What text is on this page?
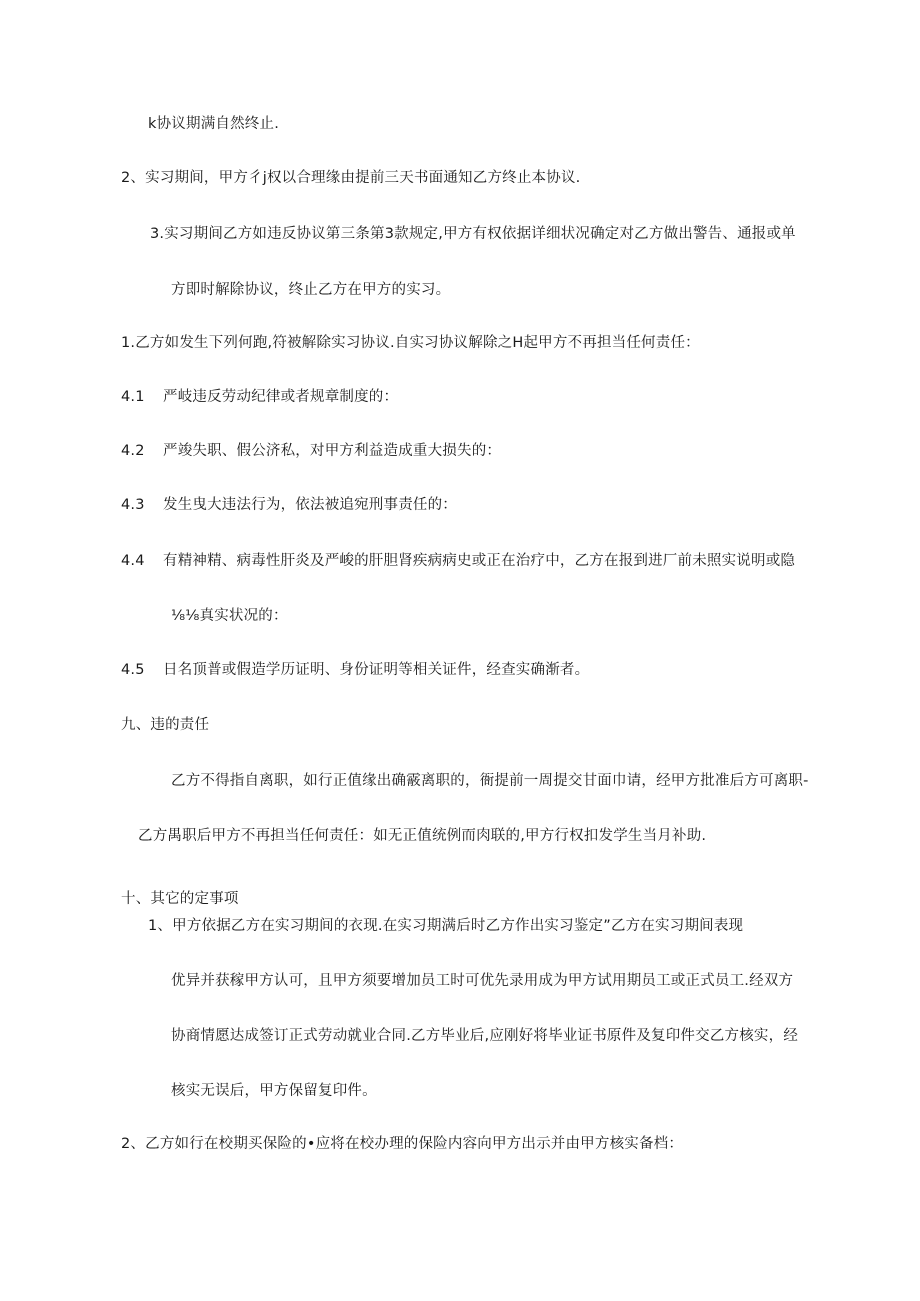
k协议期满自然终止.
2、实习期间，甲方彳j权以合理缘由提前三天书面通知乙方终止本协议.
3.实习期间乙方如违反协议第三条第3款规定,甲方有权依据详细状况确定对乙方做出警告、通报或单
方即时解除协议，终止乙方在甲方的实习。
1.乙方如发生下列何跑,符被解除实习协议.自实习协议解除之H起甲方不再担当任何责任：
4.1 严岐违反劳动纪律或者规章制度的：
4.2 严竣失职、假公济私，对甲方利益造成重大损失的：
4.3 发生曳大违法行为，依法被追宛刑事责任的：
4.4 有精神精、病毒性肝炎及严峻的肝胆肾疾病病史或正在治疗中，乙方在报到进厂前未照实说明或隐
⅛⅛真实状况的：
4.5 日名顶普或假造学历证明、身份证明等相关证件，经查实确渐者。
九、违的责任
乙方不得指自离职，如行正值缘出确霰离职的，衙提前一周提交甘面巾请，经甲方批准后方可离职-
乙方禺职后甲方不再担当任何责任：如无正值统例而肉联的,甲方行权扣发学生当月补助.
十、其它的定事项
1、甲方依据乙方在实习期间的衣现.在实习期满后时乙方作出实习鉴定”乙方在实习期间表现
优异并获稼甲方认可，且甲方须要增加员工时可优先录用成为甲方试用期员工或正式员工.经双方
协商情愿达成签订正式劳动就业合同.乙方毕业后,应刚好将毕业证书原件及复印件交乙方核实，经
核实无误后，甲方保留复印件。
2、乙方如行在校期买保险的•应将在校办理的保险内容向甲方出示并由甲方核实备档：
